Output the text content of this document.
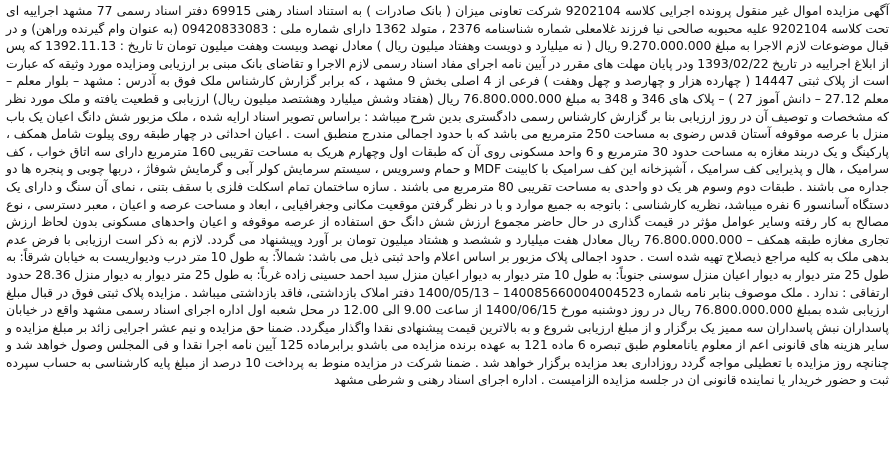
آگهی مزایده اموال غیر منقول پرونده اجرایی کلاسه 9202104 شرکت تعاونی میزان ( بانک صادرات ) به استناد اسناد رهنی 69915 دفتر اسناد رسمی 77 مشهد اجراییه ای تحت کلاسه 9202104 علیه محبوبه صالحی نیا فرزند غلامعلی شماره شناسنامه 2376 ، متولد 1362 دارای شماره ملی : 09420833083 (به عنوان وام گیرنده وراهن) و در قبال موضوعات لازم الاجرا به مبلغ 9.270.000.000 ریال ( نه میلیارد و دویست وهفتاد میلیون ریال ) معادل نهصد وبیست وهفت میلیون تومان تا تاریخ : 1392.11.13 که پس از ابلاغ اجراییه در تاریخ 1393/02/22 ودر پایان مهلت های مقرر در آیین نامه اجرای مفاد اسناد رسمی لازم الاجرا و تقاضای بانک مبنی بر ارزیابی ومزایده مورد وثیقه که عبارت است از پلاک ثبتی 14447 ( چهارده هزار و چهارصد و چهل وهفت ) فرعی از 4 اصلی بخش 9 مشهد ، که برابر گزارش کارشناس ملک فوق به آدرس : مشهد – بلوار معلم – معلم 27.12 – دانش آموز 27 ) – پلاک های 346 و 348 به مبلغ 76.800.000.000 ریال (هفتاد وشش میلیارد وهشتصد میلیون ریال) ارزیابی و قطعیت یافته و ملک مورد نظر که مشخصات و توصیف آن در روز ارزیابی بنا بر گزارش کارشناس رسمی دادگستری بدین شرح میباشد : براساس تصویر اسناد ارایه شده ، ملک مزبور شش دانگ اعیان یک باب منزل با عرصه موقوفه آستان قدس رضوی به مساحت 250 مترمربع می باشد که با حدود اجمالی مندرج منطبق است . اعیان احداثی در چهار طبقه روی پیلوت شامل همکف ، پارکینگ و یک دربند مغازه به مساحت حدود 30 مترمربع و 6 واحد مسکونی روی آن که طبقات اول وچهارم هریک به مساحت تقریبی 160 مترمربع دارای سه اتاق خواب ، کف سرامیک ، هال و پذیرایی کف سرامیک ، آشپزخانه این کف سرامیک با کابینت MDF و حمام وسرویس ، سیستم سرمایش کولر آبی و گرمایش شوفاژ ، دربها چوبی و پنجره ها دو جداره می باشند . طبقات دوم وسوم هر یک دو واحدی به مساحت تقریبی 80 مترمربع می باشند . سازه ساختمان تمام اسکلت فلزی با سقف بتنی ، نمای آن سنگ و دارای یک دستگاه آسانسور 6 نفره میباشد، نظریه کارشناسی : باتوجه به جمیع موارد و با در نظر گرفتن موقعیت مکانی وجغرافیایی ، ابعاد و مساحت عرصه و اعیان ، معبر دسترسی ، نوع مصالح به کار رفته وسایر عوامل مؤثر در قیمت گذاری در حال حاضر مجموع ارزش شش دانگ حق استفاده از عرصه موقوفه و اعیان واحدهای مسکونی بدون لحاظ ارزش تجاری مغازه طبقه همکف – 76.800.000.000 ریال معادل هفت میلیارد و ششصد و هشتاد میلیون تومان بر آورد وپیشنهاد می گردد. لازم به ذکر است ارزیابی با فرض عدم بدهی ملک به کلیه مراجع ذیصلاح تهیه شده است . حدود اجمالی پلاک مزبور بر اساس اعلام واحد ثبتی ذیل می باشد: شمالاً: به طول 10 متر درب وديواريست به خيابان شرقاً: به طول 25 متر دیوار به دیوار اعیان منزل سوسنی جنوباً: به طول 10 متر دیوار به دیوار اعیان منزل سید احمد حسینی زاده غرباً: به طول 25 متر دیوار به دیوار منزل 28.36 حدود ارتفاقی : ندارد . ملک موصوف بنابر نامه شماره 140085660004004523 – 1400/05/13 دفتر املاک بازداشتی، فاقد بازداشتی میباشد . مزایده پلاک ثبتی فوق در قبال مبلغ ارزیابی شده بمبلغ 76.800.000.000 ریال در روز دوشنبه مورخ 1400/06/15 از ساعت 9.00 الی 12.00 در محل شعبه اول اداره اجرای اسناد رسمی مشهد واقع در خیابان پاسداران نبش پاسداران سه ممیز یک برگزار و از مبلغ ارزیابی شروع و به بالاترین قیمت پیشنهادی نقدا واگذار میگردد. ضمنا حق مزایده و نیم عشر اجرایی زائد بر مبلغ مزایده و سایر هزینه های قانونی اعم از معلوم یانامعلوم طبق تبصره 6 ماده 121 به عهده برنده مزایده می باشدو برابرماده 125 آیین نامه اجرا نقدا و فی المجلس وصول خواهد شد و چنانچه روز مزایده با تعطیلی مواجه گردد روزاداری بعد مزایده برگزار خواهد شد . ضمنا شرکت در مزایده منوط به پرداخت 10 درصد از مبلغ پایه کارشناسی به حساب سپرده ثبت و حضور خریدار یا نماینده قانونی ان در جلسه مزایده الزامیست . اداره اجرای اسناد رهنی و شرطی مشهد
